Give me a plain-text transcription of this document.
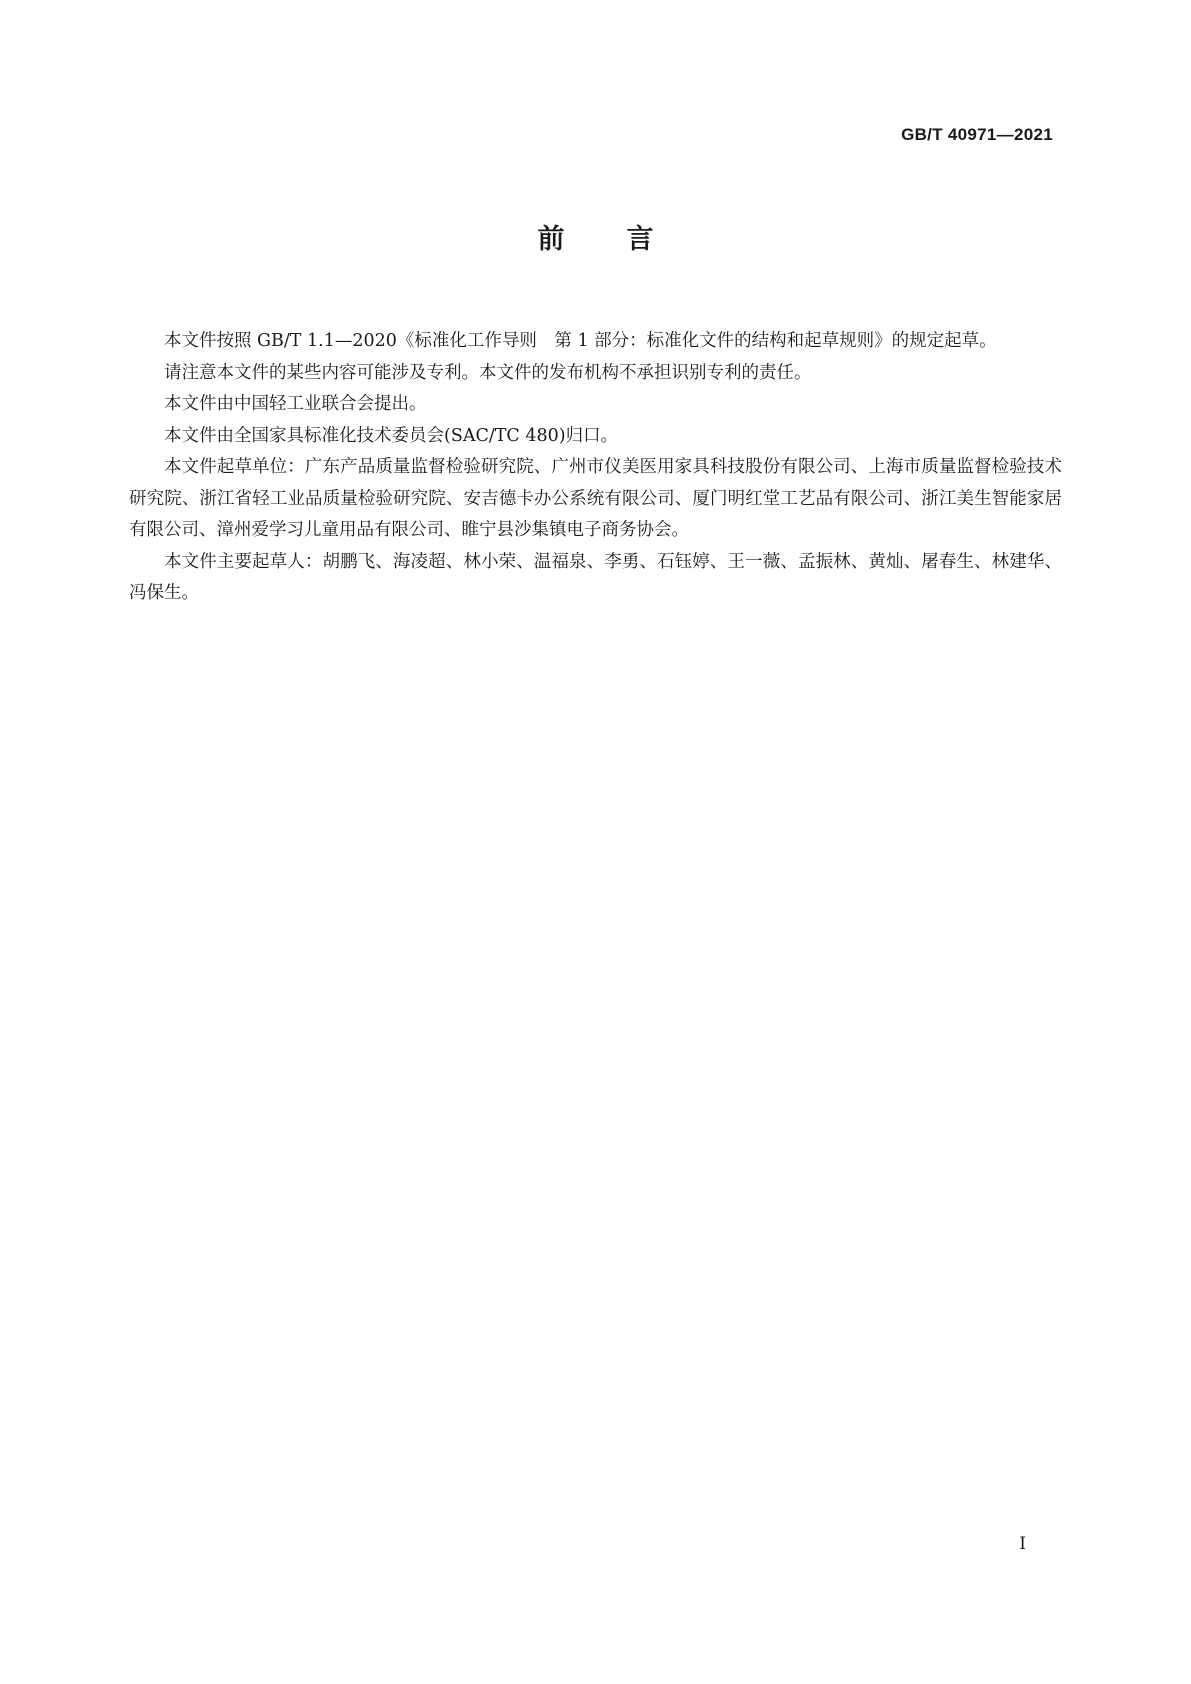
GB/T 40971—2021
前言

本文件按照 GB/T 1.1—2020《标准化工作导则　第 1 部分：标准化文件的结构和起草规则》的规定起草。

请注意本文件的某些内容可能涉及专利。本文件的发布机构不承担识别专利的责任。

本文件由中国轻工业联合会提出。

本文件由全国家具标准化技术委员会(SAC/TC 480)归口。

本文件起草单位：广东产品质量监督检验研究院、广州市仪美医用家具科技股份有限公司、上海市质量监督检验技术研究院、浙江省轻工业品质量检验研究院、安吉德卡办公系统有限公司、厦门明红堂工艺品有限公司、浙江美生智能家居有限公司、漳州爱学习儿童用品有限公司、睢宁县沙集镇电子商务协会。

本文件主要起草人：胡鹏飞、海凌超、林小荣、温福泉、李勇、石钰婷、王一薇、孟振林、黄灿、屠春生、林建华、冯保生。

I
